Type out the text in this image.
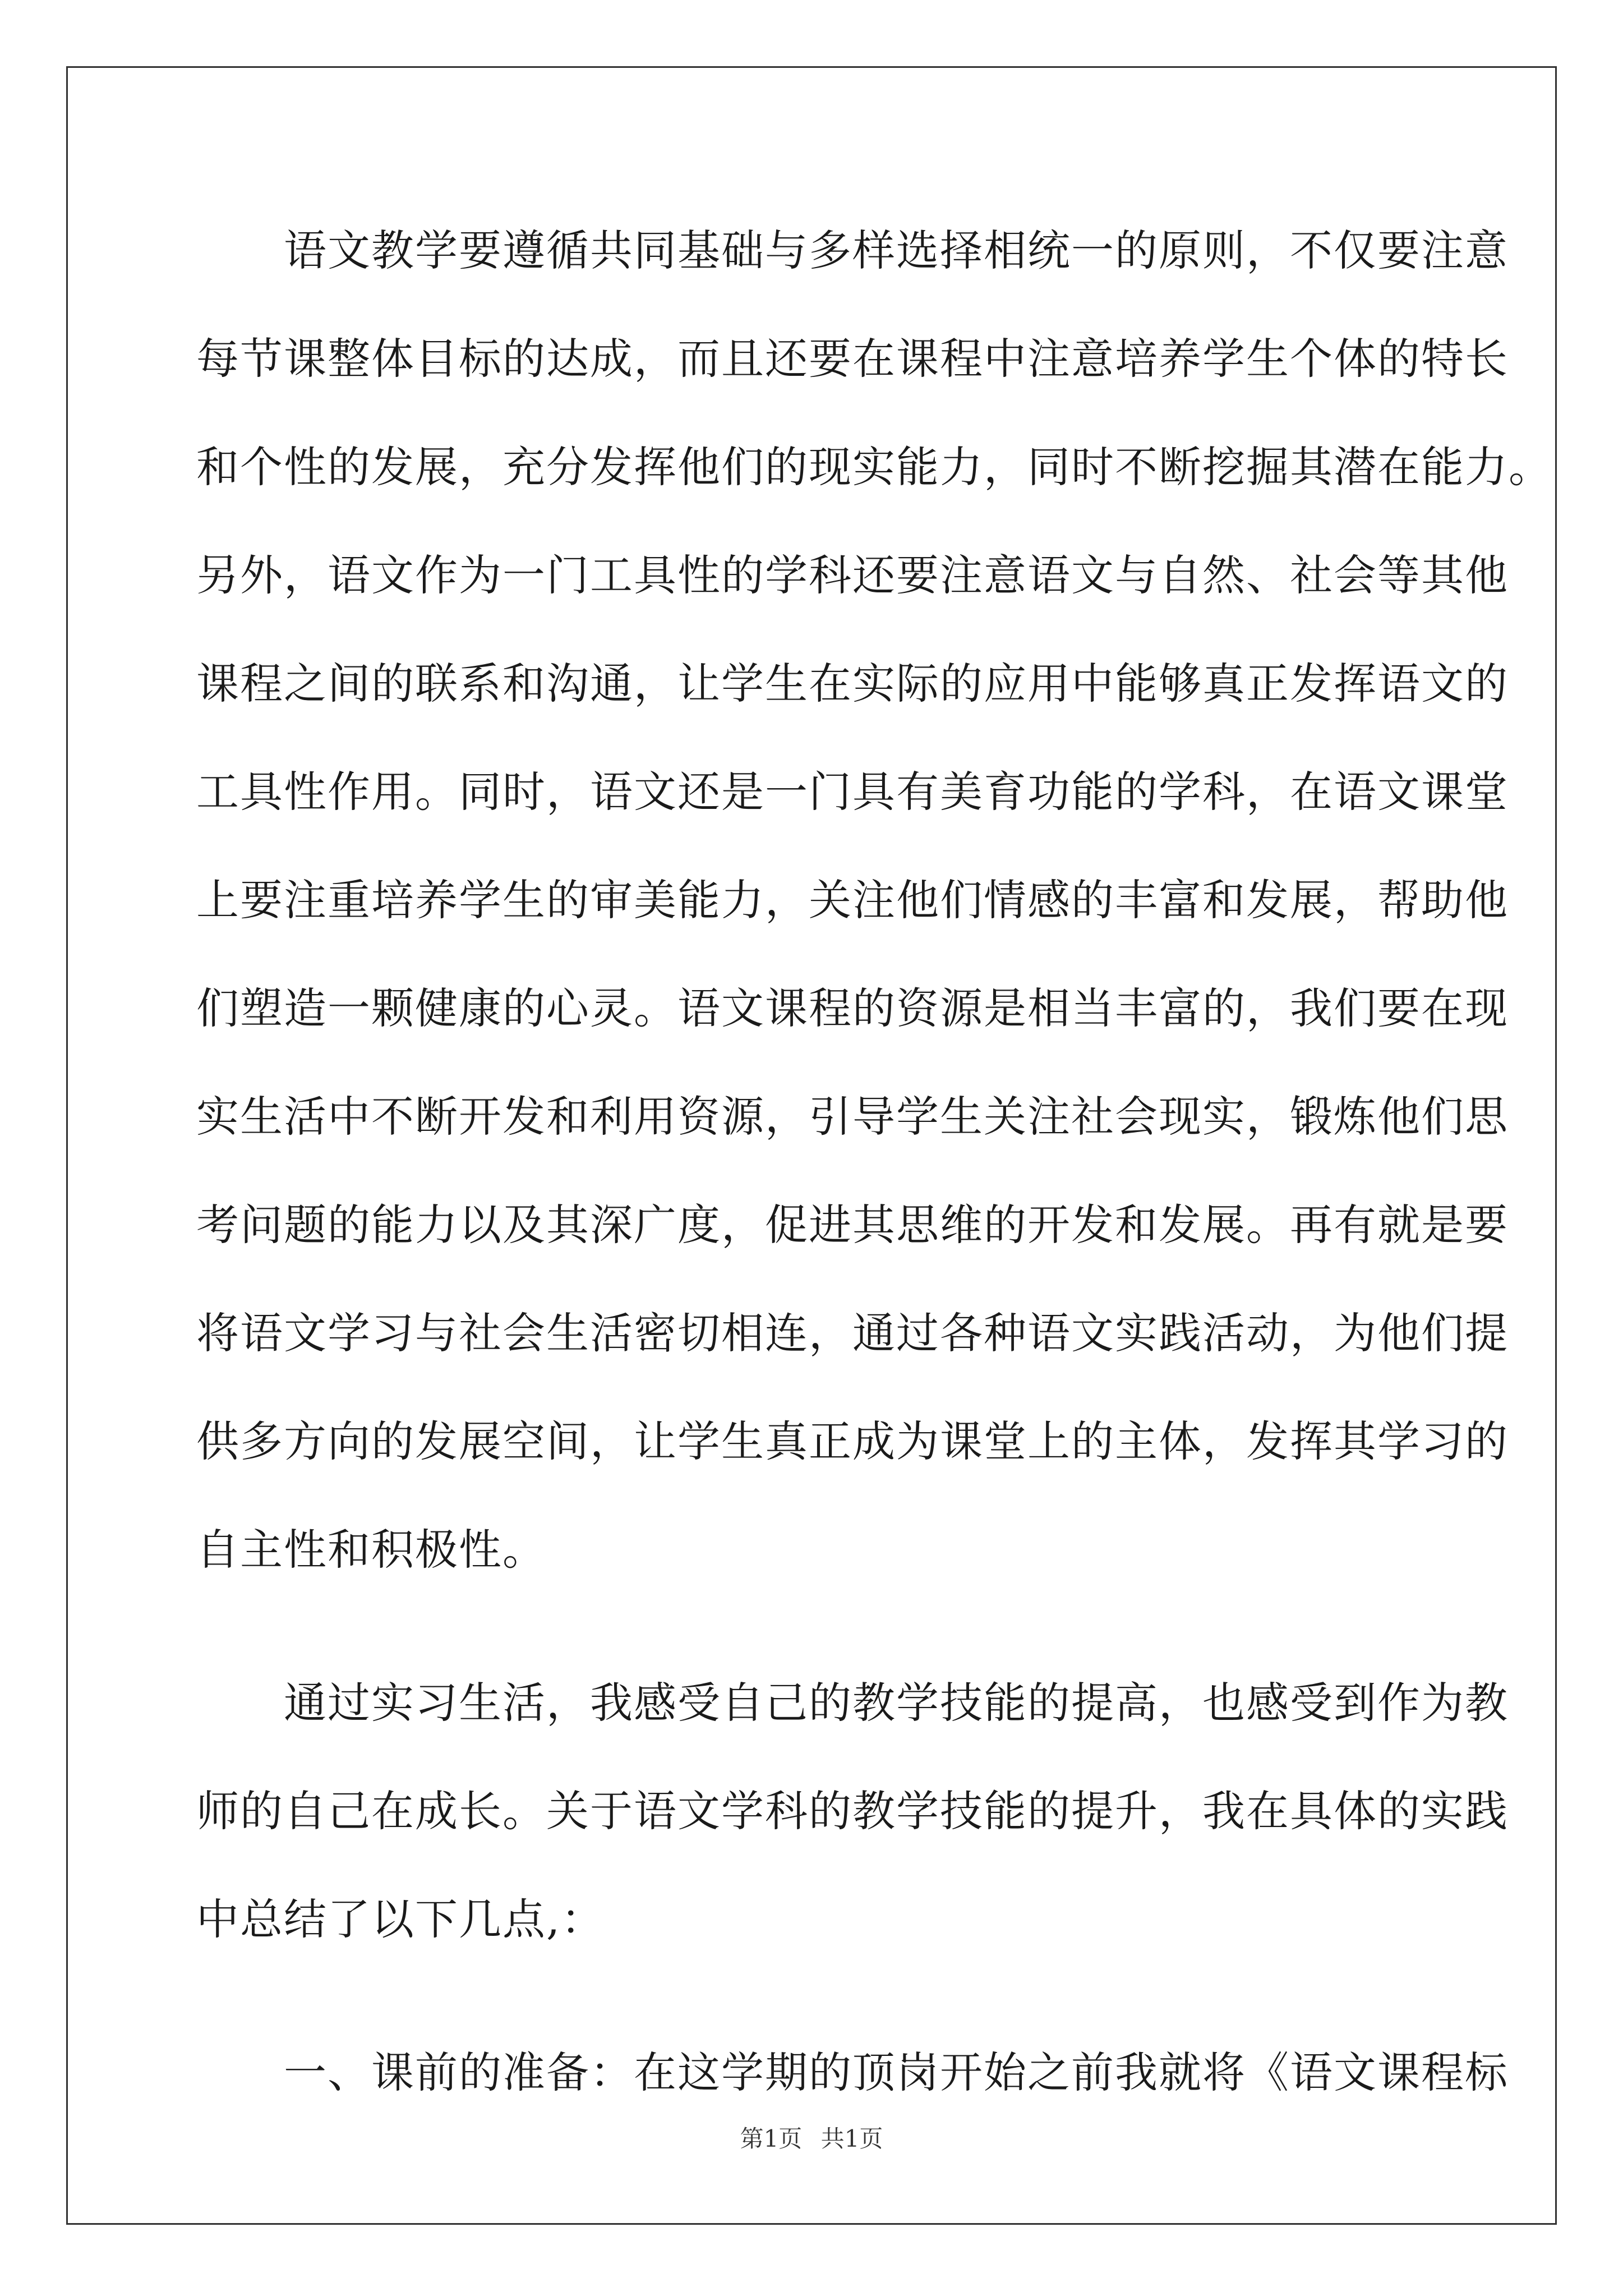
　　语文教学要遵循共同基础与多样选择相统一的原则，不仅要注意
每节课整体目标的达成，而且还要在课程中注意培养学生个体的特长
和个性的发展，充分发挥他们的现实能力，同时不断挖掘其潜在能力。
另外，语文作为一门工具性的学科还要注意语文与自然、社会等其他
课程之间的联系和沟通，让学生在实际的应用中能够真正发挥语文的
工具性作用。同时，语文还是一门具有美育功能的学科，在语文课堂
上要注重培养学生的审美能力，关注他们情感的丰富和发展，帮助他
们塑造一颗健康的心灵。语文课程的资源是相当丰富的，我们要在现
实生活中不断开发和利用资源，引导学生关注社会现实，锻炼他们思
考问题的能力以及其深广度，促进其思维的开发和发展。再有就是要
将语文学习与社会生活密切相连，通过各种语文实践活动，为他们提
供多方向的发展空间，让学生真正成为课堂上的主体，发挥其学习的
自主性和积极性。
　　通过实习生活，我感受自己的教学技能的提高，也感受到作为教
师的自己在成长。关于语文学科的教学技能的提升，我在具体的实践
中总结了以下几点,：
　　一、课前的准备：在这学期的顶岗开始之前我就将《语文课程标
第1页 共1页
